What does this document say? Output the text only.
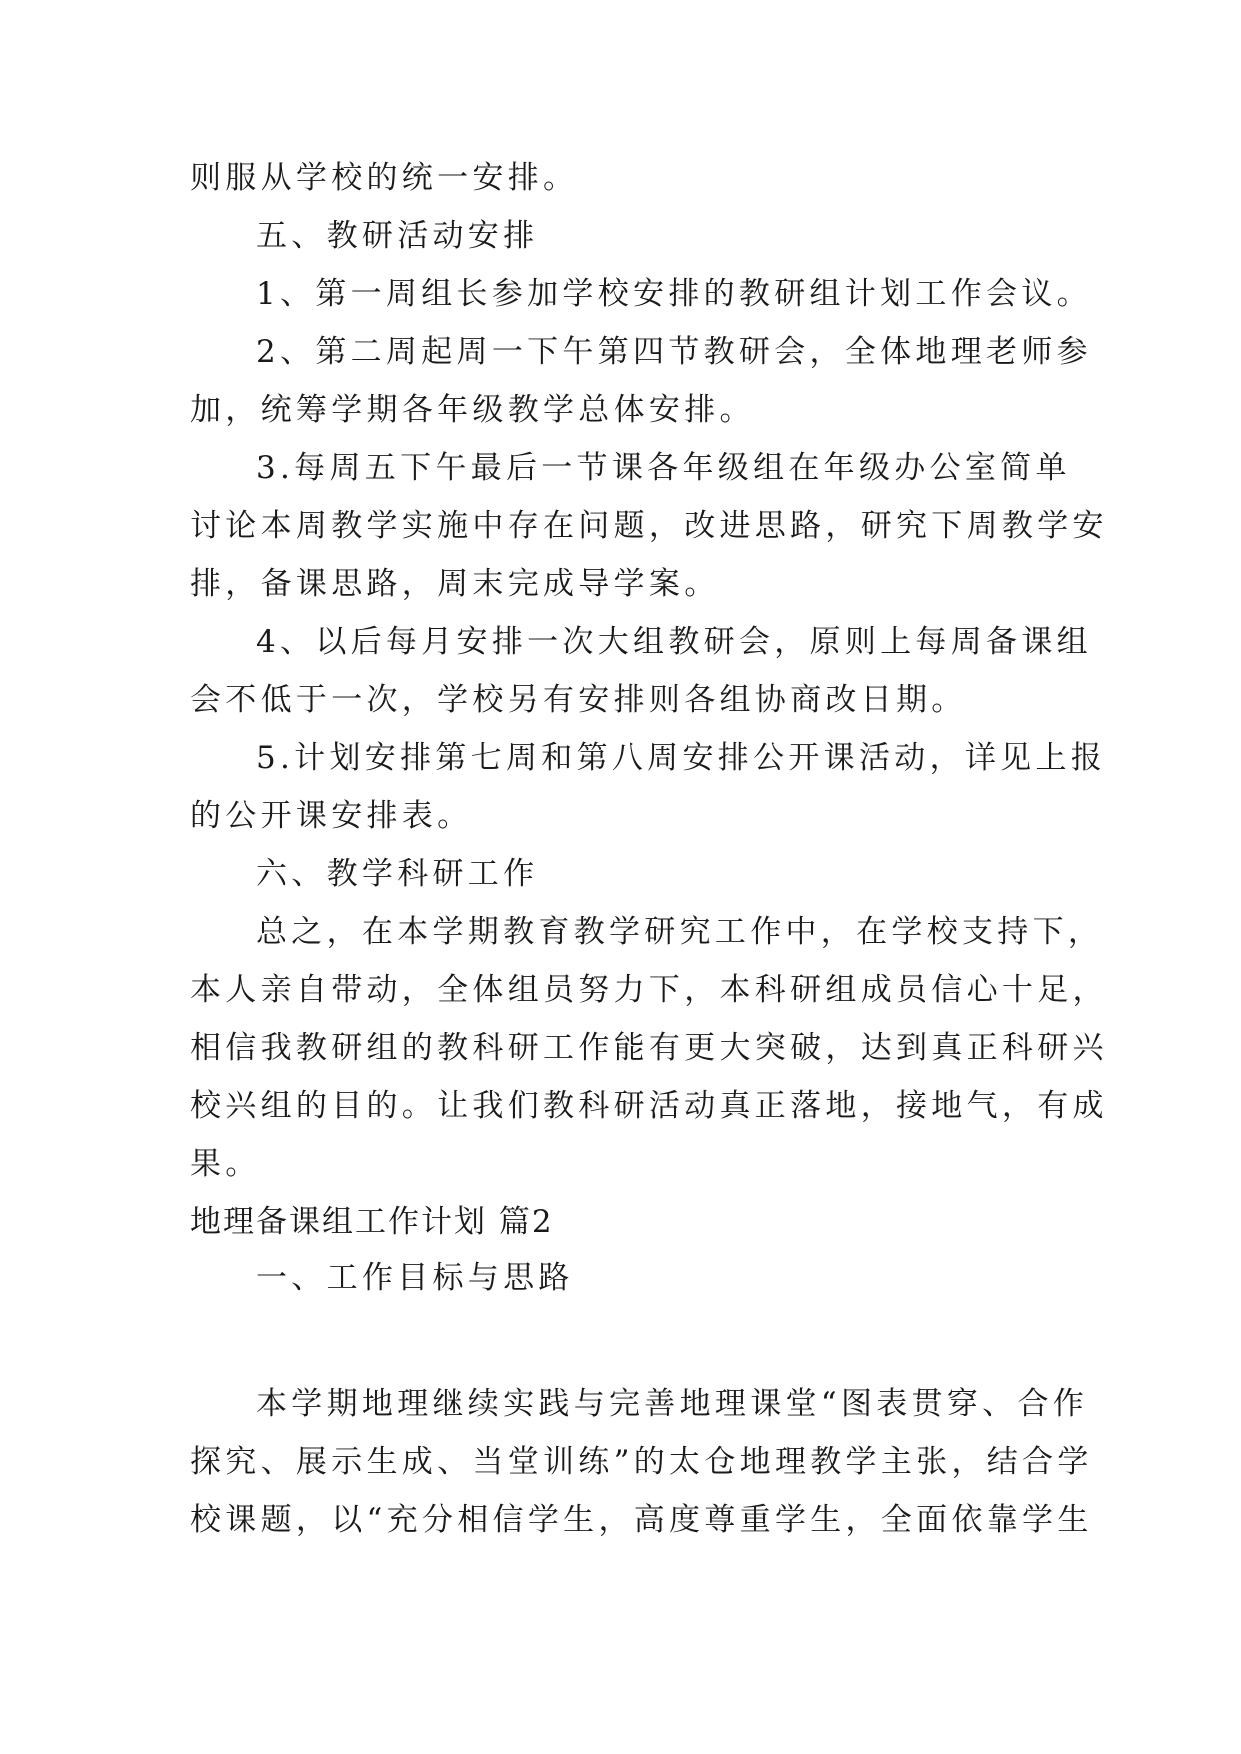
则服从学校的统一安排。
五、教研活动安排
1、第一周组长参加学校安排的教研组计划工作会议。
2、第二周起周一下午第四节教研会，全体地理老师参
加，统筹学期各年级教学总体安排。
3.每周五下午最后一节课各年级组在年级办公室简单
讨论本周教学实施中存在问题，改进思路，研究下周教学安
排，备课思路，周末完成导学案。
4、以后每月安排一次大组教研会，原则上每周备课组
会不低于一次，学校另有安排则各组协商改日期。
5.计划安排第七周和第八周安排公开课活动，详见上报
的公开课安排表。
六、教学科研工作
总之，在本学期教育教学研究工作中，在学校支持下，
本人亲自带动，全体组员努力下，本科研组成员信心十足，
相信我教研组的教科研工作能有更大突破，达到真正科研兴
校兴组的目的。让我们教科研活动真正落地，接地气，有成
果。
地理备课组工作计划 篇2
一、工作目标与思路
本学期地理继续实践与完善地理课堂“图表贯穿、合作
探究、展示生成、当堂训练”的太仓地理教学主张，结合学
校课题，以“充分相信学生，高度尊重学生，全面依靠学生
